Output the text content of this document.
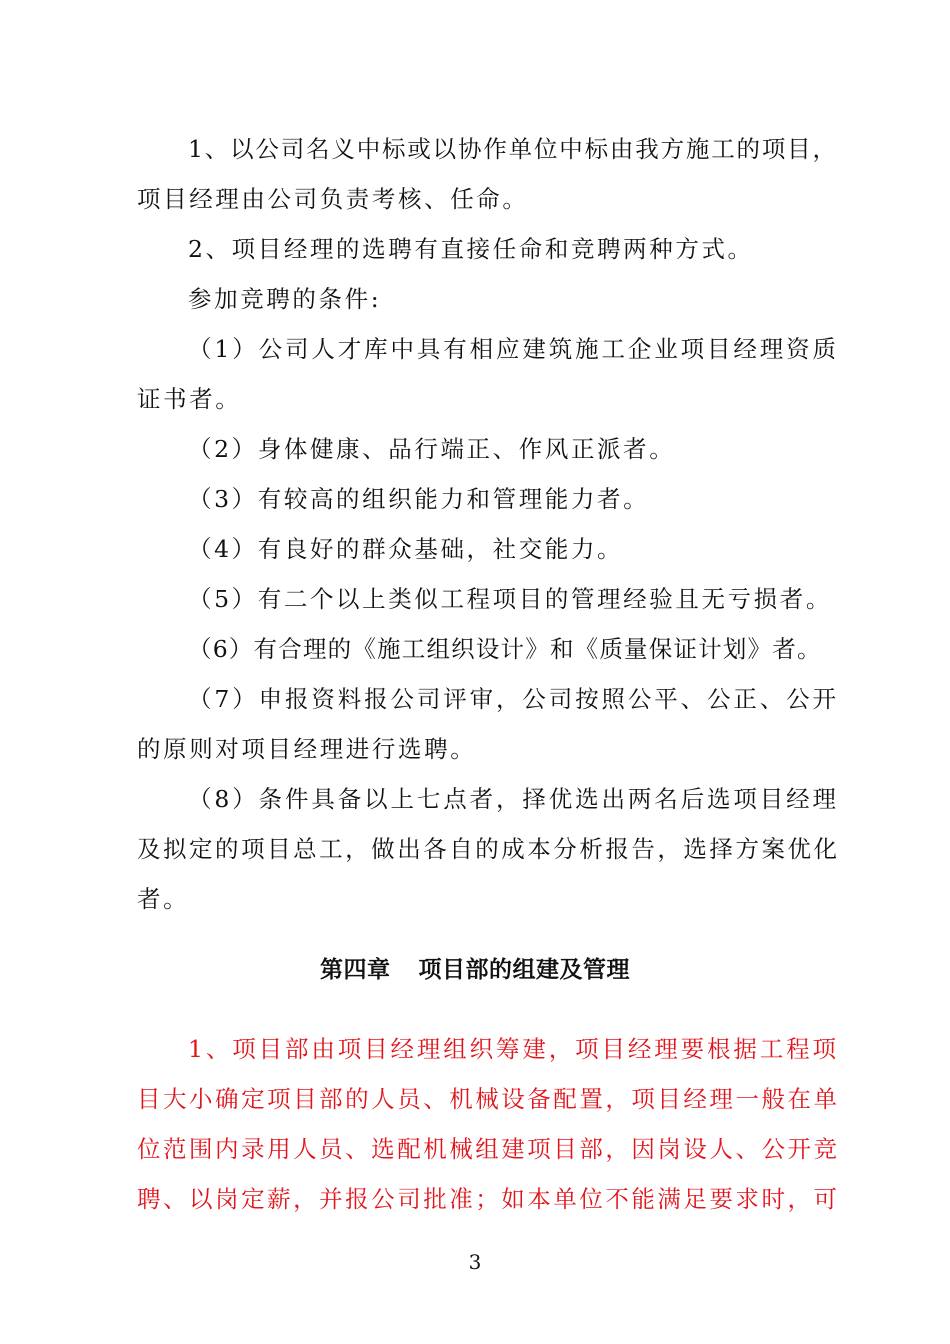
1、以公司名义中标或以协作单位中标由我方施工的项目，
项目经理由公司负责考核、任命。
2、项目经理的选聘有直接任命和竞聘两种方式。
参加竞聘的条件:
（1）公司人才库中具有相应建筑施工企业项目经理资质
证书者。
（2）身体健康、品行端正、作风正派者。
（3）有较高的组织能力和管理能力者。
（4）有良好的群众基础，社交能力。
（5）有二个以上类似工程项目的管理经验且无亏损者。
（6）有合理的《施工组织设计》和《质量保证计划》者。
（7）申报资料报公司评审，公司按照公平、公正、公开
的原则对项目经理进行选聘。
（8）条件具备以上七点者，择优选出两名后选项目经理
及拟定的项目总工，做出各自的成本分析报告，选择方案优化
者。
第四章 项目部的组建及管理
1、项目部由项目经理组织筹建，项目经理要根据工程项
目大小确定项目部的人员、机械设备配置，项目经理一般在单
位范围内录用人员、选配机械组建项目部，因岗设人、公开竞
聘、以岗定薪，并报公司批准；如本单位不能满足要求时，可
3
